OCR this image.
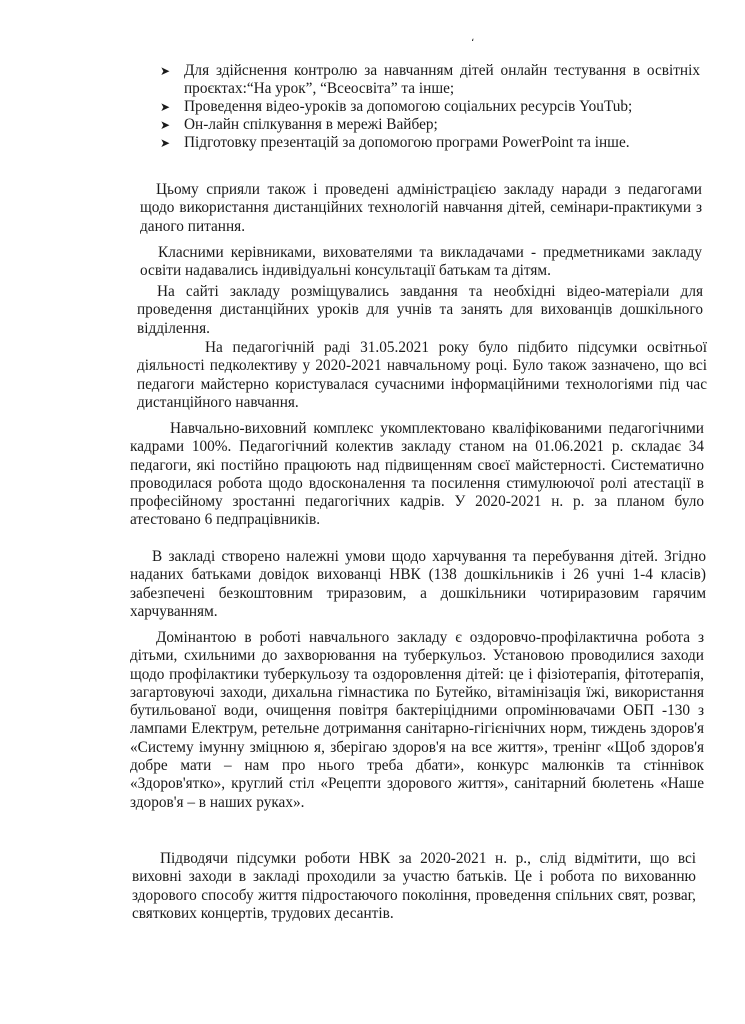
،
➤ Для здійснення контролю за навчанням дітей онлайн тестування в освітніх проєктах:“На урок”, “Всеосвіта” та інше;
➤ Проведення відео-уроків за допомогою соціальних ресурсів YouTub;
➤ Он-лайн спілкування в мережі Вайбер;
➤ Підготовку презентацій за допомогою програми PowerPoint та інше.

Цьому сприяли також і проведені адміністрацією закладу наради з педагогами щодо використання дистанційних технологій навчання дітей, семінари-практикуми з даного питання.

Класними керівниками, вихователями та викладачами - предметниками закладу освіти надавались індивідуальні консультації батькам та дітям.

На сайті закладу розміщувались завдання та необхідні відео-матеріали для проведення дистанційних уроків для учнів та занять для вихованців дошкільного відділення.

На педагогічній раді 31.05.2021 року було підбито підсумки освітньої діяльності педколективу у 2020-2021 навчальному році. Було також зазначено, що всі педагоги майстерно користувалася сучасними інформаційними технологіями під час дистанційного навчання.

Навчально-виховний комплекс укомплектовано кваліфікованими педагогічними кадрами 100%. Педагогічний колектив закладу станом на 01.06.2021 р. складає 34 педагоги, які постійно працюють над підвищенням своєї майстерності. Систематично проводилася робота щодо вдосконалення та посилення стимулюючої ролі атестації в професійному зростанні педагогічних кадрів. У 2020-2021 н. р. за планом було атестовано 6 педпрацівників.

В закладі створено належні умови щодо харчування та перебування дітей. Згідно наданих батьками довідок вихованці НВК (138 дошкільників і 26 учні 1-4 класів) забезпечені безкоштовним триразовим, а дошкільники чотириразовим гарячим харчуванням.

Домінантою в роботі навчального закладу є оздоровчо-профілактична робота з дітьми, схильними до захворювання на туберкульоз. Установою проводилися заходи щодо профілактики туберкульозу та оздоровлення дітей: це і фізіотерапія, фітотерапія, загартовуючі заходи, дихальна гімнастика по Бутейко, вітамінізація їжі, використання бутильованої води, очищення повітря бактеріцідними опромінювачами ОБП -130 з лампами Електрум, ретельне дотримання санітарно-гігієнічних норм, тиждень здоров'я «Систему імунну зміцнюю я, зберігаю здоров'я на все життя», тренінг «Щоб здоров'я добре мати – нам про нього треба дбати», конкурс малюнків та стіннівок «Здоров'ятко», круглий стіл «Рецепти здорового життя», санітарний бюлетень «Наше здоров'я – в наших руках».

Підводячи підсумки роботи НВК за 2020-2021 н. р., слід відмітити, що всі виховні заходи в закладі проходили за участю батьків. Це і робота по вихованню здорового способу життя підростаючого покоління, проведення спільних свят, розваг, святкових концертів, трудових десантів.
